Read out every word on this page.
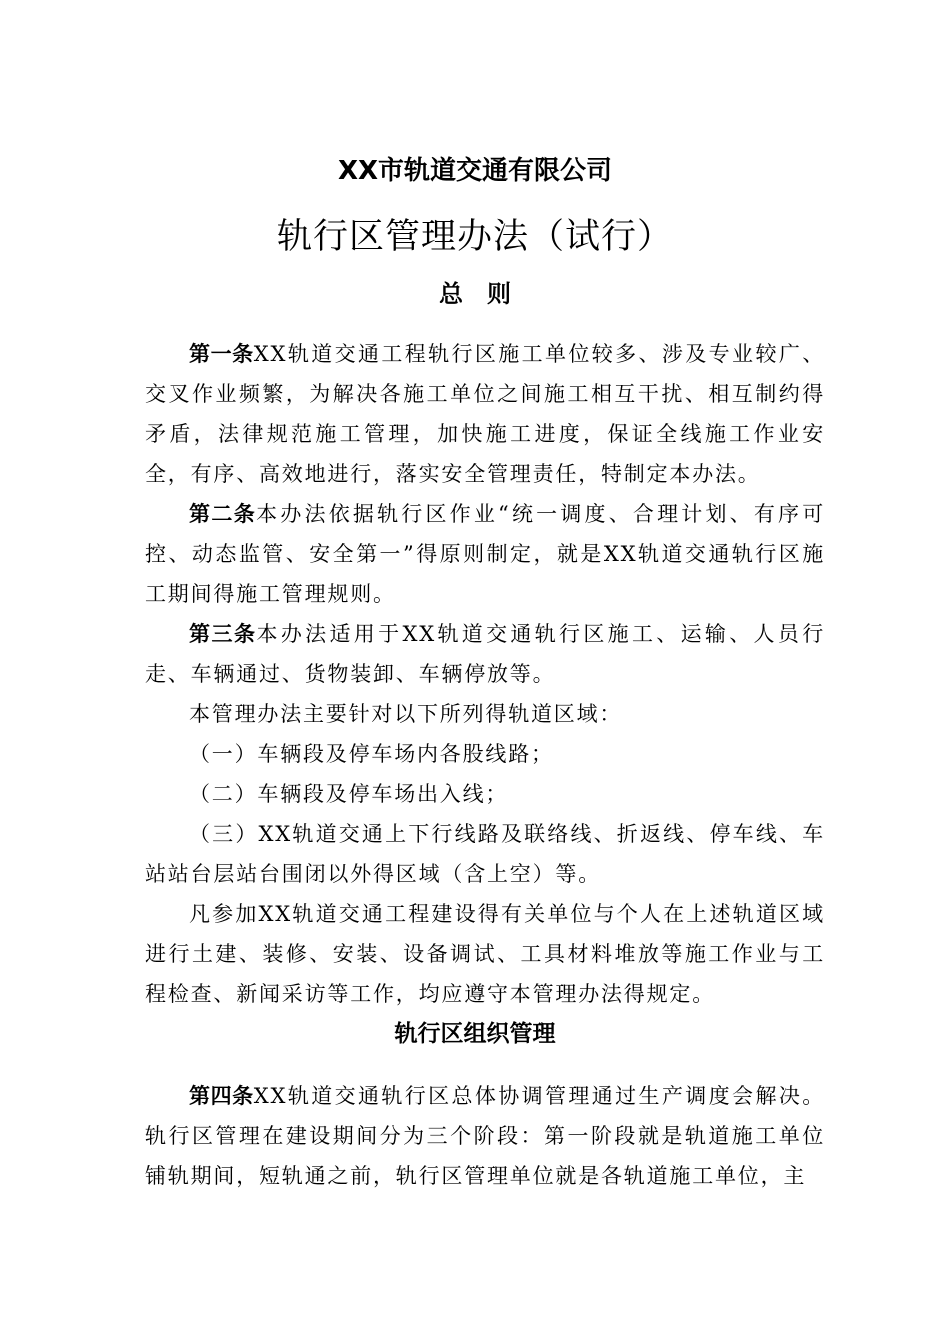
XX市轨道交通有限公司
轨行区管理办法（试行）
总　则

第一条XX轨道交通工程轨行区施工单位较多、涉及专业较广、交叉作业频繁，为解决各施工单位之间施工相互干扰、相互制约得矛盾，法律规范施工管理，加快施工进度，保证全线施工作业安全，有序、高效地进行，落实安全管理责任，特制定本办法。

第二条本办法依据轨行区作业“统一调度、合理计划、有序可控、动态监管、安全第一”得原则制定，就是XX轨道交通轨行区施工期间得施工管理规则。

第三条本办法适用于XX轨道交通轨行区施工、运输、人员行走、车辆通过、货物装卸、车辆停放等。

本管理办法主要针对以下所列得轨道区域：

（一）车辆段及停车场内各股线路；

（二）车辆段及停车场出入线；

（三）XX轨道交通上下行线路及联络线、折返线、停车线、车站站台层站台围闭以外得区域（含上空）等。

凡参加XX轨道交通工程建设得有关单位与个人在上述轨道区域进行土建、装修、安装、设备调试、工具材料堆放等施工作业与工程检查、新闻采访等工作，均应遵守本管理办法得规定。

轨行区组织管理

第四条XX轨道交通轨行区总体协调管理通过生产调度会解决。轨行区管理在建设期间分为三个阶段：第一阶段就是轨道施工单位铺轨期间，短轨通之前，轨行区管理单位就是各轨道施工单位，主
